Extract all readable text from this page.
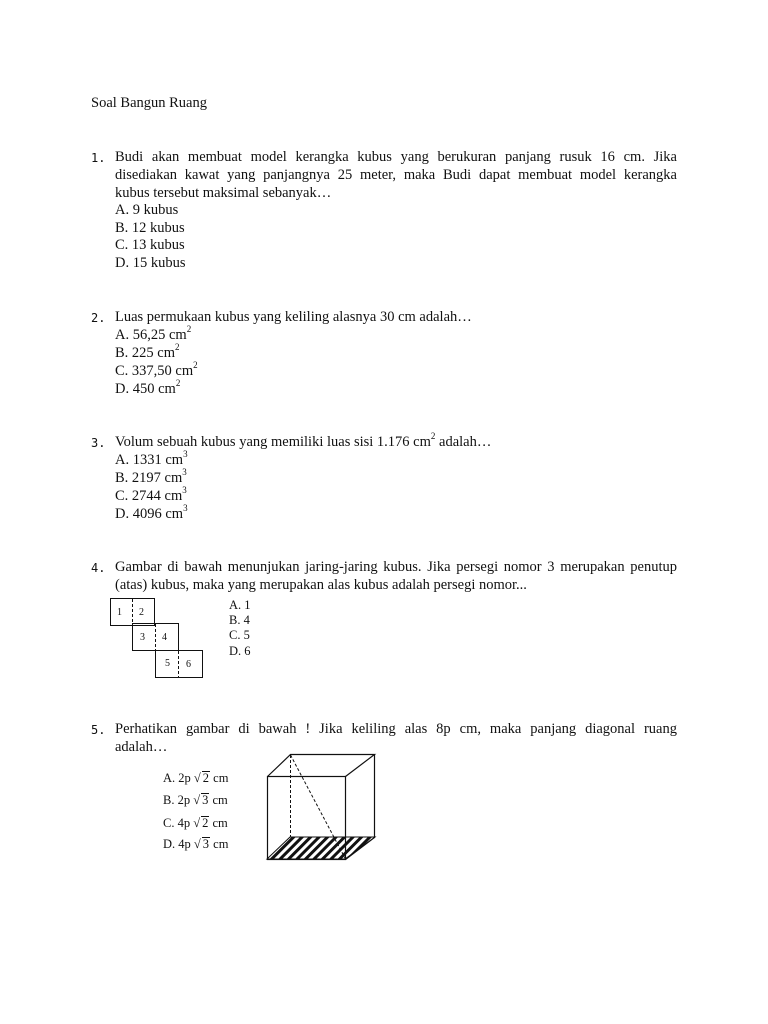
Soal Bangun Ruang
1. Budi akan membuat model kerangka kubus yang berukuran panjang rusuk 16 cm. Jika
disediakan kawat yang panjangnya 25 meter, maka Budi dapat membuat model kerangka
kubus tersebut maksimal sebanyak…
A. 9 kubus
B. 12 kubus
C. 13 kubus
D. 15 kubus
2. Luas permukaan kubus yang keliling alasnya 30 cm adalah…
A. 56,25 $cm^2$
B. 225 $cm^2$
C. 337,50 $cm^2$
D. 450 $cm^2$
3. Volum sebuah kubus yang memiliki luas sisi 1.176 $cm^2$ adalah…
A. 1331 $cm^3$
B. 2197 $cm^3$
C. 2744 $cm^3$
D. 4096 $cm^3$
4. Gambar di bawah menunjukan jaring-jaring kubus. Jika persegi nomor 3 merupakan penutup
(atas) kubus, maka yang merupakan alas kubus adalah persegi nomor...
1 2
3 4
5 6
A. 1
B. 4
C. 5
D. 6
5. Perhatikan gambar di bawah ! Jika keliling alas 8p cm, maka panjang diagonal ruang
adalah…
A. 2p √ 2 cm
B. 2p √ 3 cm
C. 4p √ 2 cm
D. 4p √ 3 cm
